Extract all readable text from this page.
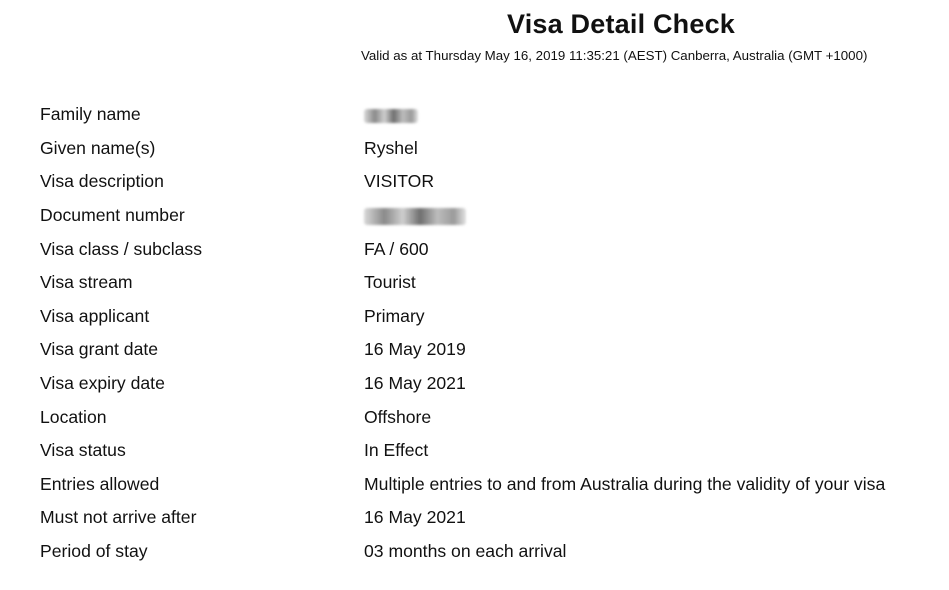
Visa Detail Check
Valid as at Thursday May 16, 2019 11:35:21 (AEST) Canberra, Australia (GMT +1000)
Family name	
Given name(s)	Ryshel
Visa description	VISITOR
Document number	
Visa class / subclass	FA / 600
Visa stream	Tourist
Visa applicant	Primary
Visa grant date	16 May 2019
Visa expiry date	16 May 2021
Location	Offshore
Visa status	In Effect
Entries allowed	Multiple entries to and from Australia during the validity of your visa
Must not arrive after	16 May 2021
Period of stay	03 months on each arrival
